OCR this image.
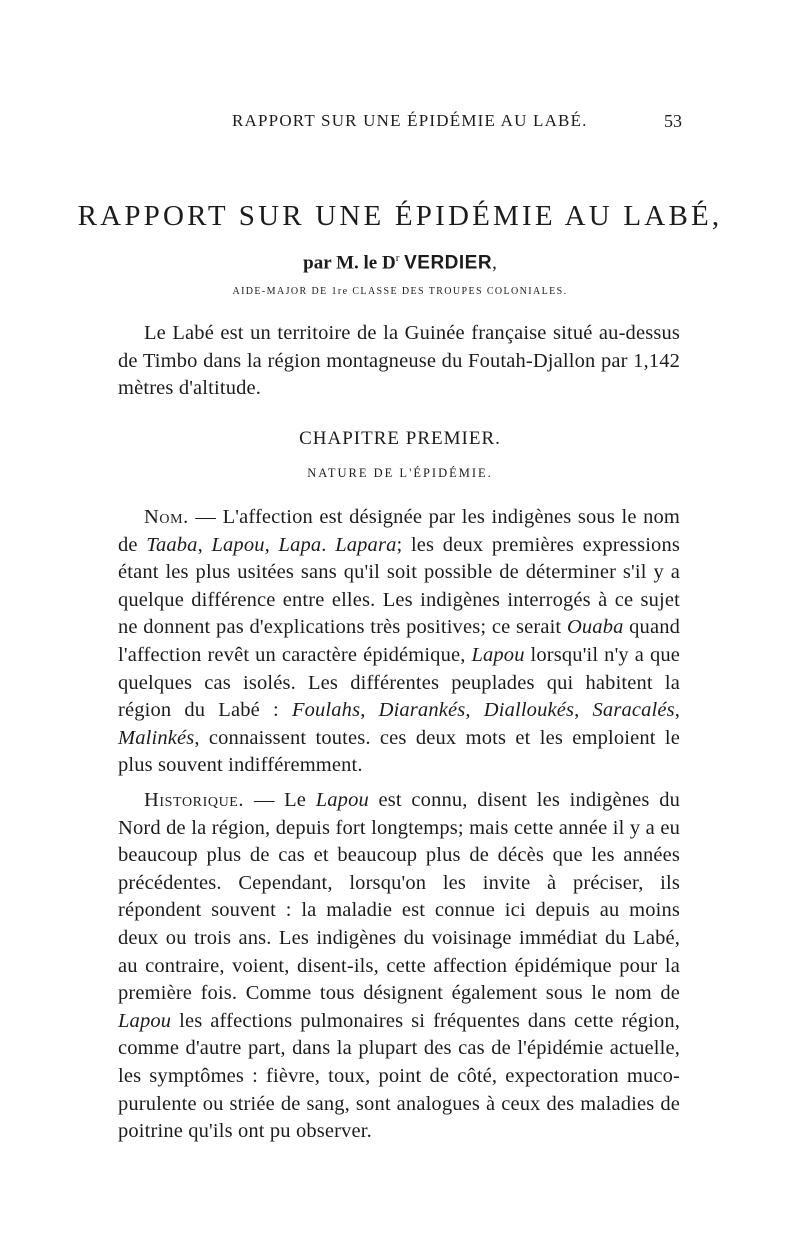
RAPPORT SUR UNE ÉPIDÉMIE AU LABÉ.	53
RAPPORT SUR UNE ÉPIDÉMIE AU LABÉ,
par M. le $D^r$ VERDIER,
AIDE-MAJOR DE 1re CLASSE DES TROUPES COLONIALES.

Le Labé est un territoire de la Guinée française situé au-dessus de Timbo dans la région montagneuse du Foutah-Djallon par 1,142 mètres d'altitude.

CHAPITRE PREMIER.
NATURE DE L'ÉPIDÉMIE.

Nom. — L'affection est désignée par les indigènes sous le nom de Taaba, Lapou, Lapa. Lapara; les deux premières expressions étant les plus usitées sans qu'il soit possible de déterminer s'il y a quelque différence entre elles. Les indigènes interrogés à ce sujet ne donnent pas d'explications très positives; ce serait Ouaba quand l'affection revêt un caractère épidémique, Lapou lorsqu'il n'y a que quelques cas isolés. Les différentes peuplades qui habitent la région du Labé : Foulahs, Diarankés, Dialloukés, Saracalés, Malinkés, connaissent toutes. ces deux mots et les emploient le plus souvent indifféremment.

Historique. — Le Lapou est connu, disent les indigènes du Nord de la région, depuis fort longtemps; mais cette année il y a eu beaucoup plus de cas et beaucoup plus de décès que les années précédentes. Cependant, lorsqu'on les invite à préciser, ils répondent souvent : la maladie est connue ici depuis au moins deux ou trois ans. Les indigènes du voisinage immédiat du Labé, au contraire, voient, disent-ils, cette affection épidémique pour la première fois. Comme tous désignent également sous le nom de Lapou les affections pulmonaires si fréquentes dans cette région, comme d'autre part, dans la plupart des cas de l'épidémie actuelle, les symptômes : fièvre, toux, point de côté, expectoration muco-purulente ou striée de sang, sont analogues à ceux des maladies de poitrine qu'ils ont pu observer.
